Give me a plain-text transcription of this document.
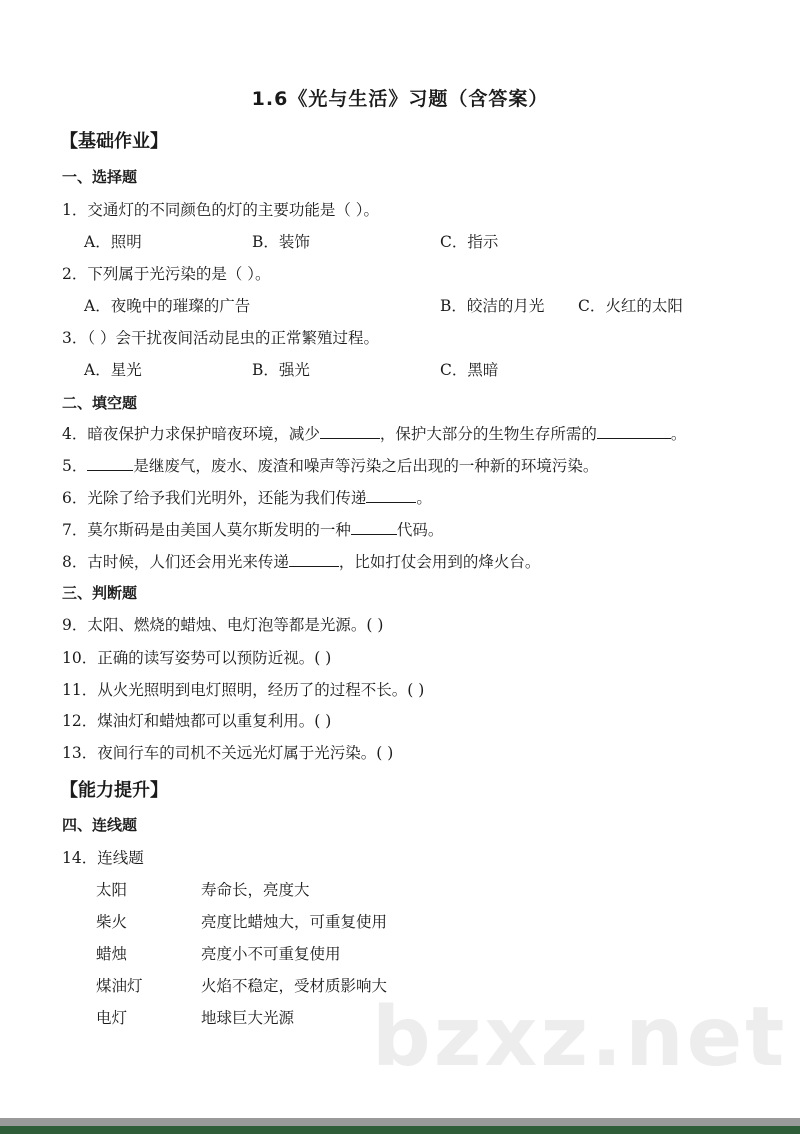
1.6《光与生活》习题（含答案）
【基础作业】
一、选择题
1．交通灯的不同颜色的灯的主要功能是（ ）。
A．照明	B．装饰	C．指示
2．下列属于光污染的是（ ）。
A．夜晚中的璀璨的广告	B．皎洁的月光 C．火红的太阳
3．（ ）会干扰夜间活动昆虫的正常繁殖过程。
A．星光	B．强光	C．黑暗
二、填空题
4．暗夜保护力求保护暗夜环境，减少	，保护大部分的生物生存所需的	。
5．	是继废气，废水、废渣和噪声等污染之后出现的一种新的环境污染。
6．光除了给予我们光明外，还能为我们传递	。
7．莫尔斯码是由美国人莫尔斯发明的一种	代码。
8．古时候，人们还会用光来传递	，比如打仗会用到的烽火台。
三、判断题
9．太阳、燃烧的蜡烛、电灯泡等都是光源。( )
10．正确的读写姿势可以预防近视。( )
11．从火光照明到电灯照明，经历了的过程不长。( )
12．煤油灯和蜡烛都可以重复利用。( )
13．夜间行车的司机不关远光灯属于光污染。( )
【能力提升】
四、连线题
14．连线题
太阳	寿命长，亮度大
柴火	亮度比蜡烛大，可重复使用
蜡烛	亮度小不可重复使用
煤油灯	火焰不稳定，受材质影响大
电灯	地球巨大光源 bzxz.net
